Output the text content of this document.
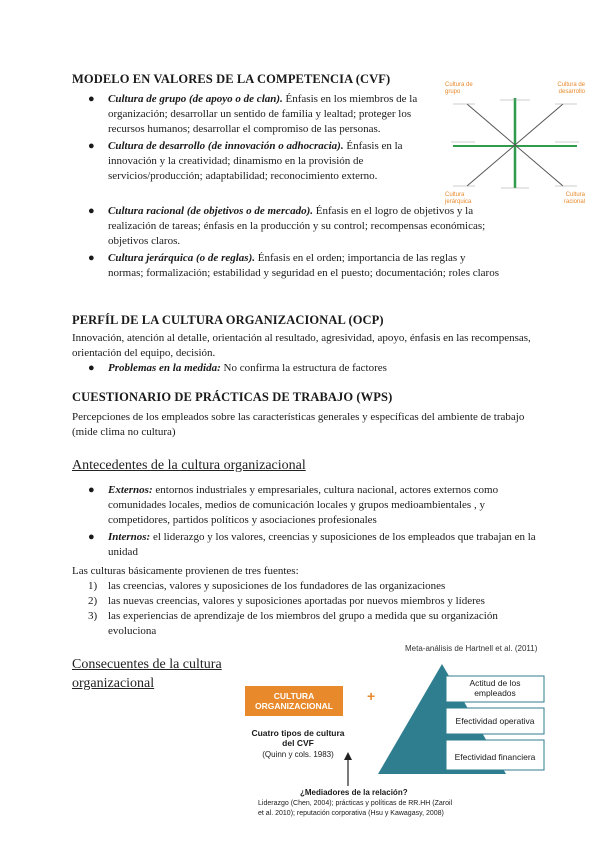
MODELO EN VALORES DE LA COMPETENCIA (CVF)
● Cultura de grupo (de apoyo o de clan). Énfasis en los miembros de la organización; desarrollar un sentido de familia y lealtad; proteger los recursos humanos; desarrollar el compromiso de las personas.
● Cultura de desarrollo (de innovación o adhocracia). Énfasis en la innovación y la creatividad; dinamismo en la provisión de servicios/producción; adaptabilidad; reconocimiento externo.
● Cultura racional (de objetivos o de mercado). Énfasis en el logro de objetivos y la realización de tareas; énfasis en la producción y su control; recompensas económicas; objetivos claros.
● Cultura jerárquica (o de reglas). Énfasis en el orden; importancia de las reglas y normas; formalización; estabilidad y seguridad en el puesto; documentación; roles claros
Cultura de
grupo
Cultura de
desarrollo
Cultura
jerárquica
Cultura
racional
PERFÍL DE LA CULTURA ORGANIZACIONAL (OCP)
Innovación, atención al detalle, orientación al resultado, agresividad, apoyo, énfasis en las recompensas, orientación del equipo, decisión.
● Problemas en la medida: No confirma la estructura de factores
CUESTIONARIO DE PRÁCTICAS DE TRABAJO (WPS)
Percepciones de los empleados sobre las características generales y específicas del ambiente de trabajo (mide clima no cultura)
Antecedentes de la cultura organizacional
● Externos: entornos industriales y empresariales, cultura nacional, actores externos como comunidades locales, medios de comunicación locales y grupos medioambientales , y competidores, partidos políticos y asociaciones profesionales
● Internos: el liderazgo y los valores, creencias y suposiciones de los empleados que trabajan en la unidad
Las culturas básicamente provienen de tres fuentes:
1) las creencias, valores y suposiciones de los fundadores de las organizaciones
2) las nuevas creencias, valores y suposiciones aportadas por nuevos miembros y líderes
3) las experiencias de aprendizaje de los miembros del grupo a medida que su organización evoluciona
Consecuentes de la cultura organizacional
Meta-análisis de Hartnell et al. (2011)
CULTURA ORGANIZACIONAL
+
Cuatro tipos de cultura del CVF
(Quinn y cols. 1983)
EFECTIVIDAD ORGANIZACIONAL	Actitud de los empleados
Efectividad operativa
Efectividad financiera
¿Mediadores de la relación?
Liderazgo (Chen, 2004); prácticas y políticas de RR.HH (Zaroil
et al. 2010); reputación corporativa (Hsu y Kawagasy, 2008)
